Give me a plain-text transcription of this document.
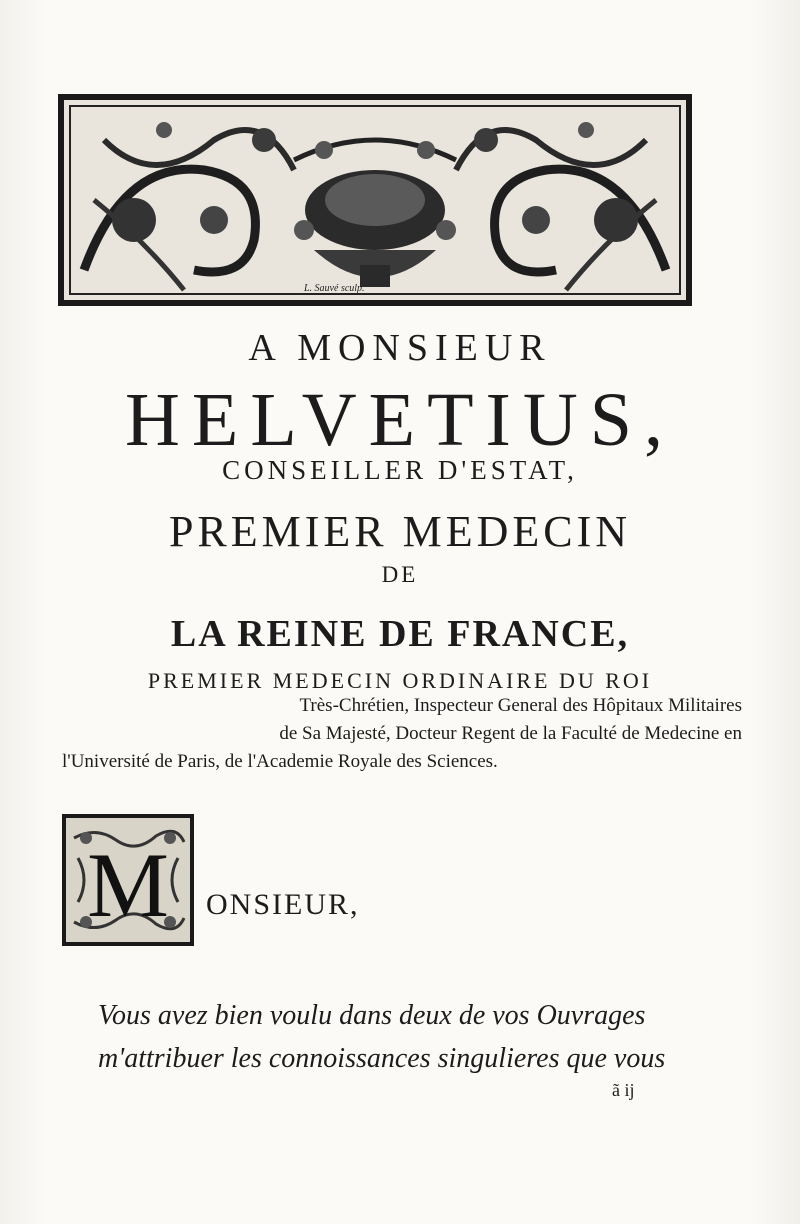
L. Sauvé sculp.
A MONSIEUR
HELVETIUS,
CONSEILLER D'ESTAT,
PREMIER MEDECIN
DE
LA REINE DE FRANCE,
PREMIER MEDECIN ORDINAIRE DU ROI
Très-Chrétien, Inspecteur General des Hôpitaux Militaires
de Sa Majesté, Docteur Regent de la Faculté de Medecine en
l'Université de Paris, de l'Academie Royale des Sciences.
M ONSIEUR,
Vous avez bien voulu dans deux de vos Ouvrages
m'attribuer les connoissances singulieres que vous
ã ij
